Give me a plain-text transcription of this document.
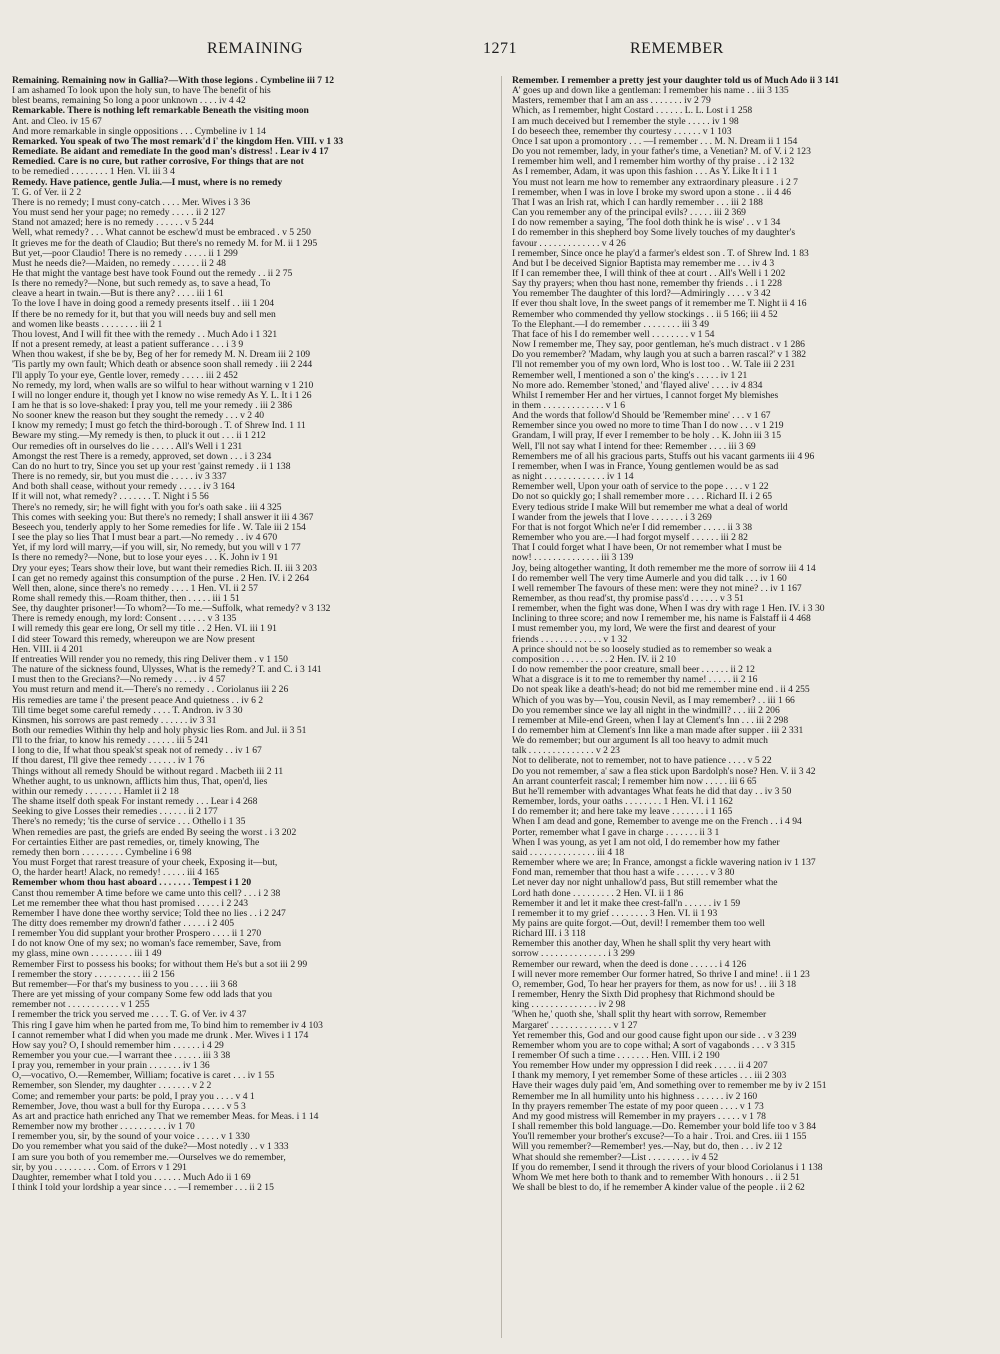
REMAINING	1271	REMEMBER
Remaining. Remaining now in Gallia?—With those legions . Cymbeline iii 7 12
I am ashamed To look upon the holy sun, to have The benefit of his
blest beams, remaining So long a poor unknown . . . . iv 4 42
Remarkable. There is nothing left remarkable Beneath the visiting moon
Ant. and Cleo. iv 15 67
And more remarkable in single oppositions . . . Cymbeline iv 1 14
Remarked. You speak of two The most remark'd i' the kingdom Hen. VIII. v 1 33
Remediate. Be aidant and remediate In the good man's distress! . Lear iv 4 17
Remedied. Care is no cure, but rather corrosive, For things that are not
to be remedied . . . . . . . . 1 Hen. VI. iii 3 4
Remedy. Have patience, gentle Julia.—I must, where is no remedy
T. G. of Ver. ii 2 2
There is no remedy; I must cony-catch . . . . Mer. Wives i 3 36
You must send her your page; no remedy . . . . . ii 2 127
Stand not amazed; here is no remedy . . . . . . v 5 244
Well, what remedy? . . . What cannot be eschew'd must be embraced . v 5 250
It grieves me for the death of Claudio; But there's no remedy M. for M. ii 1 295
But yet,—poor Claudio! There is no remedy . . . . . ii 1 299
Must he needs die?—Maiden, no remedy . . . . . . ii 2 48
He that might the vantage best have took Found out the remedy . . ii 2 75
Is there no remedy?—None, but such remedy as, to save a head, To
cleave a heart in twain.—But is there any? . . . . iii 1 61
To the love I have in doing good a remedy presents itself . . iii 1 204
If there be no remedy for it, but that you will needs buy and sell men
and women like beasts . . . . . . . . iii 2 1
Thou lovest, And I will fit thee with the remedy . . Much Ado i 1 321
If not a present remedy, at least a patient sufferance . . . i 3 9
When thou wakest, if she be by, Beg of her for remedy M. N. Dream iii 2 109
'Tis partly my own fault; Which death or absence soon shall remedy . iii 2 244
I'll apply To your eye, Gentle lover, remedy . . . . . iii 2 452
No remedy, my lord, when walls are so wilful to hear without warning v 1 210
I will no longer endure it, though yet I know no wise remedy As Y. L. It i 1 26
I am he that is so love-shaked: I pray you, tell me your remedy . iii 2 386
No sooner knew the reason but they sought the remedy . . . v 2 40
I know my remedy; I must go fetch the third-borough . T. of Shrew Ind. 1 11
Beware my sting.—My remedy is then, to pluck it out . . . ii 1 212
Our remedies oft in ourselves do lie . . . . . All's Well i 1 231
Amongst the rest There is a remedy, approved, set down . . . i 3 234
Can do no hurt to try, Since you set up your rest 'gainst remedy . ii 1 138
There is no remedy, sir, but you must die . . . . . iv 3 337
And both shall cease, without your remedy . . . . . iv 3 164
If it will not, what remedy? . . . . . . . T. Night i 5 56
There's no remedy, sir; he will fight with you for's oath sake . iii 4 325
This comes with seeking you: But there's no remedy; I shall answer it iii 4 367
Beseech you, tenderly apply to her Some remedies for life . W. Tale iii 2 154
I see the play so lies That I must bear a part.—No remedy . . iv 4 670
Yet, if my lord will marry,—if you will, sir, No remedy, but you will v 1 77
Is there no remedy?—None, but to lose your eyes . . . K. John iv 1 91
Dry your eyes; Tears show their love, but want their remedies Rich. II. iii 3 203
I can get no remedy against this consumption of the purse . 2 Hen. IV. i 2 264
Well then, alone, since there's no remedy . . . . 1 Hen. VI. ii 2 57
Rome shall remedy this.—Roam thither, then . . . . . iii 1 51
See, thy daughter prisoner!—To whom?—To me.—Suffolk, what remedy? v 3 132
There is remedy enough, my lord: Consent . . . . . . v 3 135
I will remedy this gear ere long, Or sell my title . . 2 Hen. VI. iii 1 91
I did steer Toward this remedy, whereupon we are Now present
Hen. VIII. ii 4 201
If entreaties Will render you no remedy, this ring Deliver them . v 1 150
The nature of the sickness found, Ulysses, What is the remedy? T. and C. i 3 141
I must then to the Grecians?—No remedy . . . . . iv 4 57
You must return and mend it.—There's no remedy . . Coriolanus iii 2 26
His remedies are tame i' the present peace And quietness . . iv 6 2
Till time beget some careful remedy . . . . T. Andron. iv 3 30
Kinsmen, his sorrows are past remedy . . . . . . iv 3 31
Both our remedies Within thy help and holy physic lies Rom. and Jul. ii 3 51
I'll to the friar, to know his remedy . . . . . . iii 5 241
I long to die, If what thou speak'st speak not of remedy . . iv 1 67
If thou darest, I'll give thee remedy . . . . . . iv 1 76
Things without all remedy Should be without regard . Macbeth iii 2 11
Whether aught, to us unknown, afflicts him thus, That, open'd, lies
within our remedy . . . . . . . . Hamlet ii 2 18
The shame itself doth speak For instant remedy . . . Lear i 4 268
Seeking to give Losses their remedies . . . . . . ii 2 177
There's no remedy; 'tis the curse of service . . . Othello i 1 35
When remedies are past, the griefs are ended By seeing the worst . i 3 202
For certainties Either are past remedies, or, timely knowing, The
remedy then born . . . . . . . . . Cymbeline i 6 98
You must Forget that rarest treasure of your cheek, Exposing it—but,
O, the harder heart! Alack, no remedy! . . . . . iii 4 165
Remember whom thou hast aboard . . . . . . . Tempest i 1 20
Canst thou remember A time before we came unto this cell? . . . i 2 38
Let me remember thee what thou hast promised . . . . . i 2 243
Remember I have done thee worthy service; Told thee no lies . . i 2 247
The ditty does remember my drown'd father . . . . . i 2 405
I remember You did supplant your brother Prospero . . . . ii 1 270
I do not know One of my sex; no woman's face remember, Save, from
my glass, mine own . . . . . . . . . iii 1 49
Remember First to possess his books; for without them He's but a sot iii 2 99
I remember the story . . . . . . . . . . iii 2 156
But remember—For that's my business to you . . . . iii 3 68
There are yet missing of your company Some few odd lads that you
remember not . . . . . . . . . . . v 1 255
I remember the trick you served me . . . . T. G. of Ver. iv 4 37
This ring I gave him when he parted from me, To bind him to remember iv 4 103
I cannot remember what I did when you made me drunk . Mer. Wives i 1 174
How say you? O, I should remember him . . . . . . i 4 29
Remember you your cue.—I warrant thee . . . . . . iii 3 38
I pray you, remember in your prain . . . . . . . iv 1 36
O,—vocativo, O.—Remember, William; focative is caret . . . iv 1 55
Remember, son Slender, my daughter . . . . . . . v 2 2
Come; and remember your parts: be pold, I pray you . . . . v 4 1
Remember, Jove, thou wast a bull for thy Europa . . . . . v 5 3
As art and practice hath enriched any That we remember Meas. for Meas. i 1 14
Remember now my brother . . . . . . . . . . iv 1 70
I remember you, sir, by the sound of your voice . . . . . v 1 330
Do you remember what you said of the duke?—Most notedly . . v 1 333
I am sure you both of you remember me.—Ourselves we do remember,
sir, by you . . . . . . . . . Com. of Errors v 1 291
Daughter, remember what I told you . . . . . . Much Ado ii 1 69
I think I told your lordship a year since . . . —I remember . . . ii 2 15
Remember. I remember a pretty jest your daughter told us of Much Ado ii 3 141
A' goes up and down like a gentleman: I remember his name . . iii 3 135
Masters, remember that I am an ass . . . . . . . iv 2 79
Which, as I remember, hight Costard . . . . . . L. L. Lost i 1 258
I am much deceived but I remember the style . . . . . iv 1 98
I do beseech thee, remember thy courtesy . . . . . . v 1 103
Once I sat upon a promontory . . . —I remember . . . M. N. Dream ii 1 154
Do you not remember, lady, in your father's time, a Venetian? M. of V. i 2 123
I remember him well, and I remember him worthy of thy praise . . i 2 132
As I remember, Adam, it was upon this fashion . . . As Y. Like It i 1 1
You must not learn me how to remember any extraordinary pleasure . i 2 7
I remember, when I was in love I broke my sword upon a stone . . ii 4 46
That I was an Irish rat, which I can hardly remember . . . iii 2 188
Can you remember any of the principal evils? . . . . . iii 2 369
I do now remember a saying, 'The fool doth think he is wise' . . v 1 34
I do remember in this shepherd boy Some lively touches of my daughter's
favour . . . . . . . . . . . . . v 4 26
I remember, Since once he play'd a farmer's eldest son . T. of Shrew Ind. 1 83
And but I be deceived Signior Baptista may remember me . . . iv 4 3
If I can remember thee, I will think of thee at court . . All's Well i 1 202
Say thy prayers; when thou hast none, remember thy friends . . i 1 228
You remember The daughter of this lord?—Admiringly . . . . v 3 42
If ever thou shalt love, In the sweet pangs of it remember me T. Night ii 4 16
Remember who commended thy yellow stockings . . ii 5 166; iii 4 52
To the Elephant.—I do remember . . . . . . . . iii 3 49
That face of his I do remember well . . . . . . . . v 1 54
Now I remember me, They say, poor gentleman, he's much distract . v 1 286
Do you remember? 'Madam, why laugh you at such a barren rascal?' v 1 382
I'll not remember you of my own lord, Who is lost too . . W. Tale iii 2 231
Remember well, I mentioned a son o' the king's . . . . . iv 1 21
No more ado. Remember 'stoned,' and 'flayed alive' . . . . iv 4 834
Whilst I remember Her and her virtues, I cannot forget My blemishes
in them . . . . . . . . . . . . . v 1 6
And the words that follow'd Should be 'Remember mine' . . . v 1 67
Remember since you owed no more to time Than I do now . . . v 1 219
Grandam, I will pray, If ever I remember to be holy . . K. John iii 3 15
Well, I'll not say what I intend for thee: Remember . . . . iii 3 69
Remembers me of all his gracious parts, Stuffs out his vacant garments iii 4 96
I remember, when I was in France, Young gentlemen would be as sad
as night . . . . . . . . . . . . . iv 1 14
Remember well, Upon your oath of service to the pope . . . . v 1 22
Do not so quickly go; I shall remember more . . . . Richard II. i 2 65
Every tedious stride I make Will but remember me what a deal of world
I wander from the jewels that I love . . . . . . . i 3 269
For that is not forgot Which ne'er I did remember . . . . . ii 3 38
Remember who you are.—I had forgot myself . . . . . . iii 2 82
That I could forget what I have been, Or not remember what I must be
now! . . . . . . . . . . . . . . iii 3 139
Joy, being altogether wanting, It doth remember me the more of sorrow iii 4 14
I do remember well The very time Aumerle and you did talk . . . iv 1 60
I well remember The favours of these men: were they not mine? . . iv 1 167
Remember, as thou read'st, thy promise pass'd . . . . . . v 3 51
I remember, when the fight was done, When I was dry with rage 1 Hen. IV. i 3 30
Inclining to three score; and now I remember me, his name is Falstaff ii 4 468
I must remember you, my lord, We were the first and dearest of your
friends . . . . . . . . . . . . . v 1 32
A prince should not be so loosely studied as to remember so weak a
composition . . . . . . . . . . 2 Hen. IV. ii 2 10
I do now remember the poor creature, small beer . . . . . . ii 2 12
What a disgrace is it to me to remember thy name! . . . . . ii 2 16
Do not speak like a death's-head; do not bid me remember mine end . ii 4 255
Which of you was by—You, cousin Nevil, as I may remember? . . iii 1 66
Do you remember since we lay all night in the windmill? . . . iii 2 206
I remember at Mile-end Green, when I lay at Clement's Inn . . . iii 2 298
I do remember him at Clement's Inn like a man made after supper . iii 2 331
We do remember; but our argument Is all too heavy to admit much
talk . . . . . . . . . . . . . . v 2 23
Not to deliberate, not to remember, not to have patience . . . . v 5 22
Do you not remember, a' saw a flea stick upon Bardolph's nose? Hen. V. ii 3 42
An arrant counterfeit rascal; I remember him now . . . . . iii 6 65
But he'll remember with advantages What feats he did that day . . iv 3 50
Remember, lords, your oaths . . . . . . . . 1 Hen. VI. i 1 162
I do remember it; and here take my leave . . . . . . . i 1 165
When I am dead and gone, Remember to avenge me on the French . . i 4 94
Porter, remember what I gave in charge . . . . . . . ii 3 1
When I was young, as yet I am not old, I do remember how my father
said . . . . . . . . . . . . . . iii 4 18
Remember where we are; In France, amongst a fickle wavering nation iv 1 137
Fond man, remember that thou hast a wife . . . . . . . v 3 80
Let never day nor night unhallow'd pass, But still remember what the
Lord hath done . . . . . . . . . 2 Hen. VI. ii 1 86
Remember it and let it make thee crest-fall'n . . . . . . iv 1 59
I remember it to my grief . . . . . . . . 3 Hen. VI. ii 1 93
My pains are quite forgot.—Out, devil! I remember them too well
Richard III. i 3 118
Remember this another day, When he shall split thy very heart with
sorrow . . . . . . . . . . . . . . i 3 299
Remember our reward, when the deed is done . . . . . . i 4 126
I will never more remember Our former hatred, So thrive I and mine! . ii 1 23
O, remember, God, To hear her prayers for them, as now for us! . . iii 3 18
I remember, Henry the Sixth Did prophesy that Richmond should be
king . . . . . . . . . . . . . . iv 2 98
'When he,' quoth she, 'shall split thy heart with sorrow, Remember
Margaret' . . . . . . . . . . . . . v 1 27
Yet remember this, God and our good cause fight upon our side . . v 3 239
Remember whom you are to cope withal; A sort of vagabonds . . . v 3 315
I remember Of such a time . . . . . . . Hen. VIII. i 2 190
You remember How under my oppression I did reek . . . . . ii 4 207
I thank my memory, I yet remember Some of these articles . . . iii 2 303
Have their wages duly paid 'em, And something over to remember me by iv 2 151
Remember me In all humility unto his highness . . . . . . iv 2 160
In thy prayers remember The estate of my poor queen . . . . v 1 73
And my good mistress will Remember in my prayers . . . . . v 1 78
I shall remember this bold language.—Do. Remember your bold life too v 3 84
You'll remember your brother's excuse?—To a hair . Troi. and Cres. iii 1 155
Will you remember?—Remember! yes.—Nay, but do, then . . . iv 2 12
What should she remember?—List . . . . . . . . . iv 4 52
If you do remember, I send it through the rivers of your blood Coriolanus i 1 138
Whom We met here both to thank and to remember With honours . . ii 2 51
We shall be blest to do, if he remember A kinder value of the people . ii 2 62
